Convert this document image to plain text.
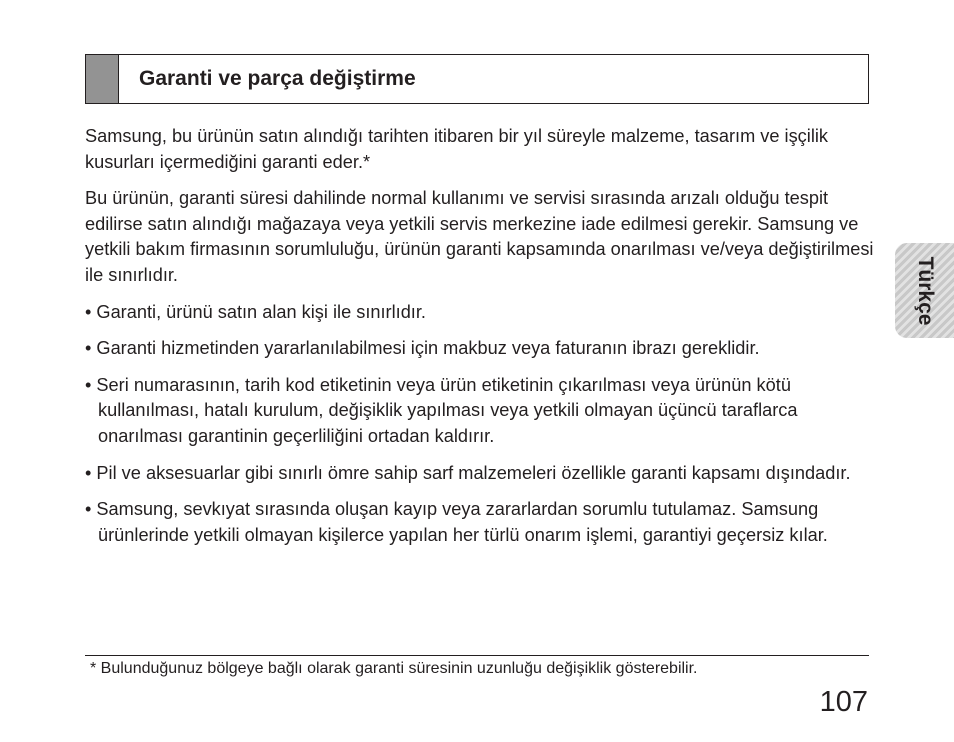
Garanti ve parça değiştirme

Samsung, bu ürünün satın alındığı tarihten itibaren bir yıl süreyle malzeme, tasarım ve işçilik kusurları içermediğini garanti eder.*

Bu ürünün, garanti süresi dahilinde normal kullanımı ve servisi sırasında arızalı olduğu tespit edilirse satın alındığı mağazaya veya yetkili servis merkezine iade edilmesi gerekir. Samsung ve yetkili bakım firmasının sorumluluğu, ürünün garanti kapsamında onarılması ve/veya değiştirilmesi ile sınırlıdır.

• Garanti, ürünü satın alan kişi ile sınırlıdır.

• Garanti hizmetinden yararlanılabilmesi için makbuz veya faturanın ibrazı gereklidir.

• Seri numarasının, tarih kod etiketinin veya ürün etiketinin çıkarılması veya ürünün kötü kullanılması, hatalı kurulum, değişiklik yapılması veya yetkili olmayan üçüncü taraflarca onarılması garantinin geçerliliğini ortadan kaldırır.

• Pil ve aksesuarlar gibi sınırlı ömre sahip sarf malzemeleri özellikle garanti kapsamı dışındadır.

• Samsung, sevkıyat sırasında oluşan kayıp veya zararlardan sorumlu tutulamaz. Samsung ürünlerinde yetkili olmayan kişilerce yapılan her türlü onarım işlemi, garantiyi geçersiz kılar.

Türkçe
* Bulunduğunuz bölgeye bağlı olarak garanti süresinin uzunluğu değişiklik gösterebilir.
107
